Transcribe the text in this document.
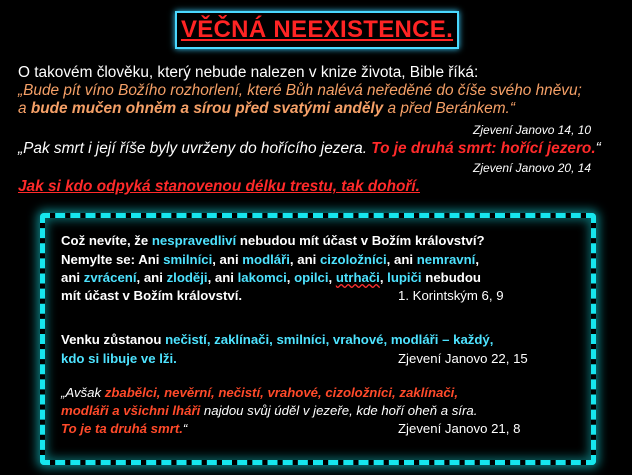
VĚČNÁ NEEXISTENCE.
O takovém člověku, který nebude nalezen v knize života, Bible říká:
„Bude pít víno Božího rozhorlení, které Bůh nalévá neředěné do číše svého hněvu;
a bude mučen ohněm a sírou před svatými anděly a před Beránkem.“
Zjevení Janovo 14, 10
„Pak smrt i její říše byly uvrženy do hořícího jezera. To je druhá smrt: hořící jezero.“
Zjevení Janovo 20, 14
Jak si kdo odpyká stanovenou délku trestu, tak dohoří.
Což nevíte, že nespravedliví nebudou mít účast v Božím království?
Nemylte se: Ani smilníci, ani modláři, ani cizoložníci, ani nemravní,
ani zvrácení, ani zloději, ani lakomci, opilci, utrhači, lupiči nebudou
mít účast v Božím království.	1. Korintským 6, 9
Venku zůstanou nečistí, zaklínači, smilníci, vrahové, modláři – každý,
kdo si libuje ve lži.	Zjevení Janovo 22, 15
„Avšak zbabělci, nevěrní, nečistí, vrahové, cizoložníci, zaklínači,
modláři a všichni lháři najdou svůj úděl v jezeře, kde hoří oheň a síra.
To je ta druhá smrt.“	Zjevení Janovo 21, 8
